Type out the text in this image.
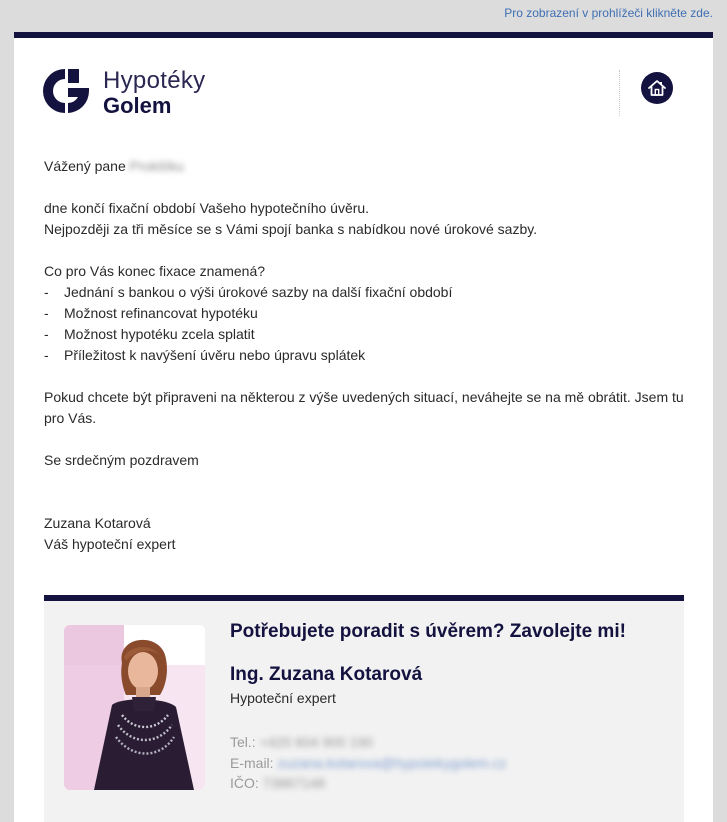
Pro zobrazení v prohlížeči klikněte zde.
Hypotéky
Golem
Vážený pane Prokšíku
dne končí fixační období Vašeho hypotečního úvěru.
Nejpozději za tři měsíce se s Vámi spojí banka s nabídkou nové úrokové sazby.
Co pro Vás konec fixace znamená?
- Jednání s bankou o výši úrokové sazby na další fixační období
- Možnost refinancovat hypotéku
- Možnost hypotéku zcela splatit
- Příležitost k navýšení úvěru nebo úpravu splátek
Pokud chcete být připraveni na některou z výše uvedených situací, neváhejte se na mě obrátit. Jsem tu
pro Vás.
Se srdečným pozdravem
Zuzana Kotarová
Váš hypoteční expert
Potřebujete poradit s úvěrem? Zavolejte mi!
Ing. Zuzana Kotarová
Hypoteční expert
Tel.: +420 604 900 190
E-mail: zuzana.kotarova@hypotekygolem.cz
IČO: 73867148
